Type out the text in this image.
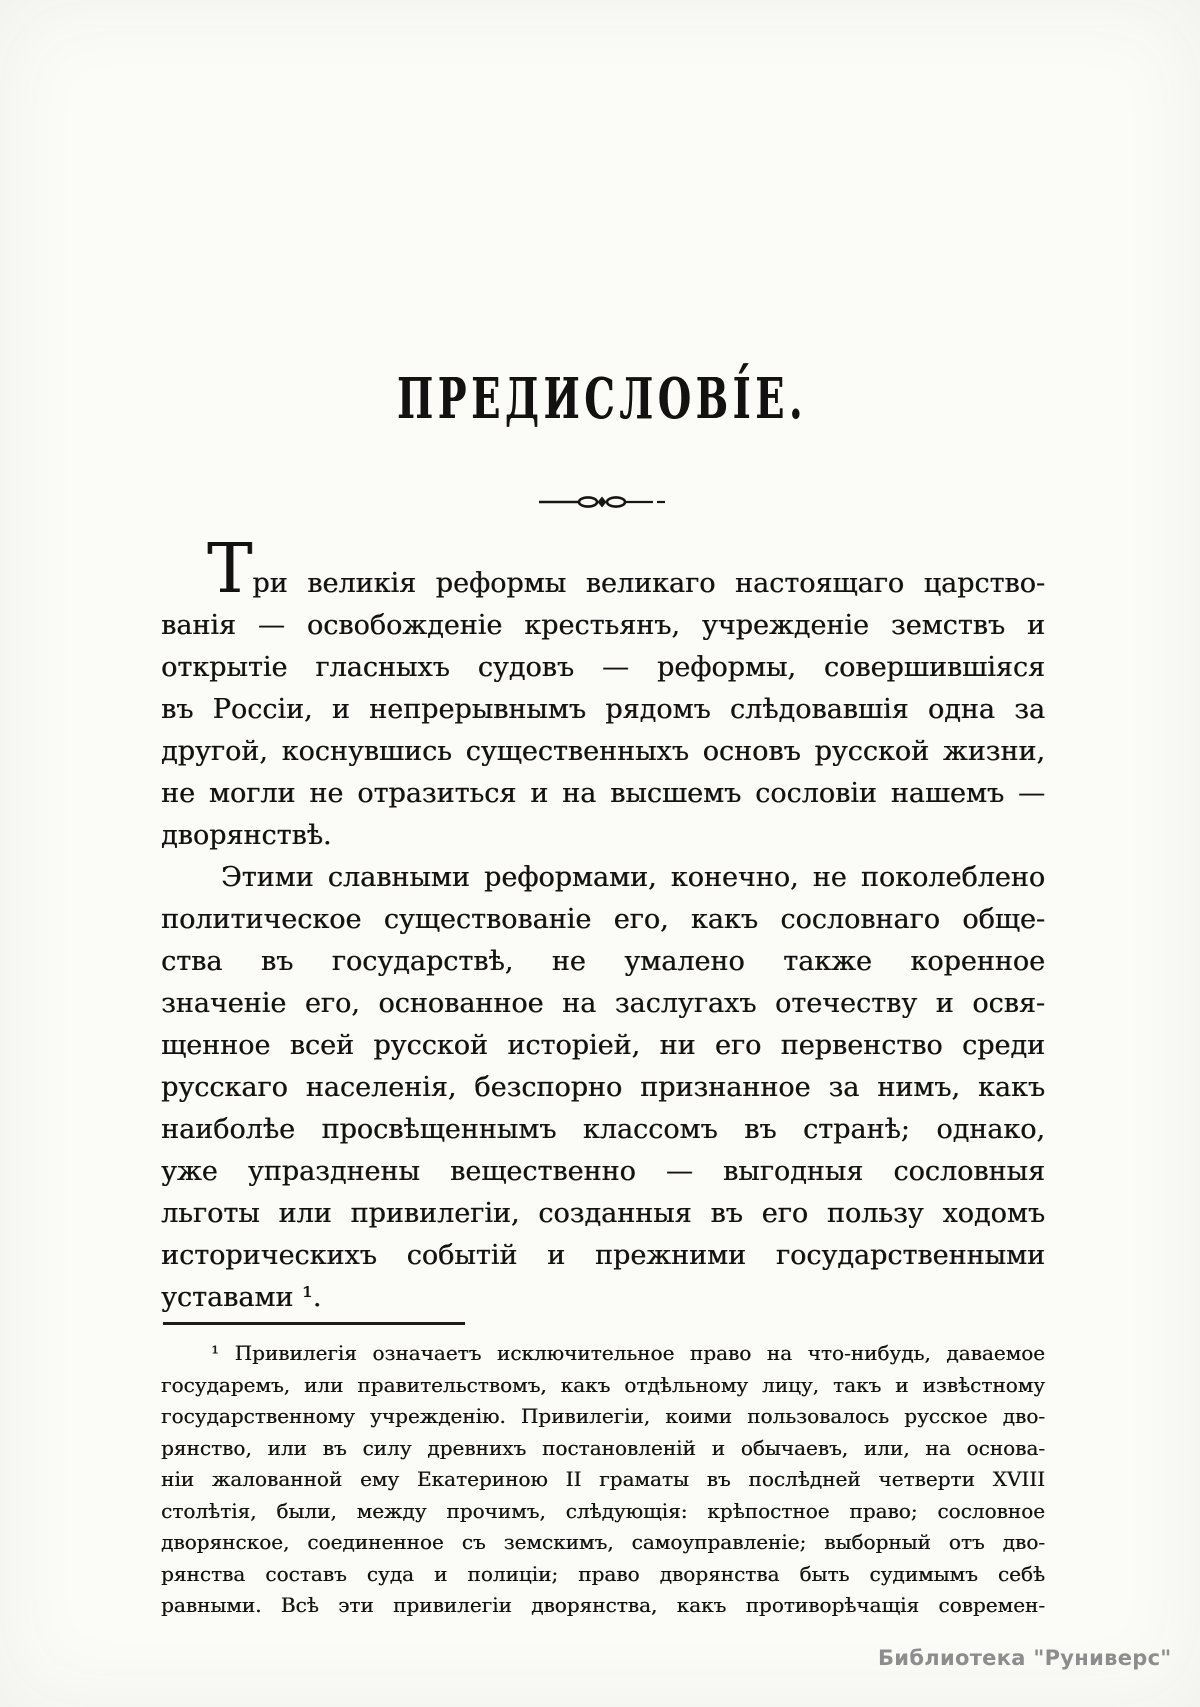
ПРЕДИСЛОВІ́Е.
Три великія реформы великаго настоящаго царство-
ванія — освобожденіе крестьянъ, учрежденіе земствъ и
открытіе гласныхъ судовъ — реформы, совершившіяся
въ Россіи, и непрерывнымъ рядомъ слѣдовавшія одна за
другой, коснувшись существенныхъ основъ русской жизни,
не могли не отразиться и на высшемъ сословіи нашемъ —
дворянствѣ.
Этими славными реформами, конечно, не поколеблено
политическое существованіе его, какъ сословнаго обще-
ства въ государствѣ, не умалено также коренное
значеніе его, основанное на заслугахъ отечеству и освя-
щенное всей русской исторіей, ни его первенство среди
русскаго населенія, безспорно признанное за нимъ, какъ
наиболѣе просвѣщеннымъ классомъ въ странѣ; однако,
уже упразднены вещественно — выгодныя сословныя
льготы или привилегіи, созданныя въ его пользу ходомъ
историческихъ событій и прежними государственными
уставами ¹.
¹ Привилегія означаетъ исключительное право на что-нибудь, даваемое
государемъ, или правительствомъ, какъ отдѣльному лицу, такъ и извѣстному
государственному учрежденію. Привилегіи, коими пользовалось русское дво-
рянство, или въ силу древнихъ постановленій и обычаевъ, или, на основа-
ніи жалованной ему Екатериною II граматы въ послѣдней четверти XVIII
столѣтія, были, между прочимъ, слѣдующія: крѣпостное право; сословное
дворянское, соединенное съ земскимъ, самоуправленіе; выборный отъ дво-
рянства составъ суда и полиціи; право дворянства быть судимымъ себѣ
равными. Всѣ эти привилегіи дворянства, какъ противорѣчащія современ-
Библиотека "Руниверс"
